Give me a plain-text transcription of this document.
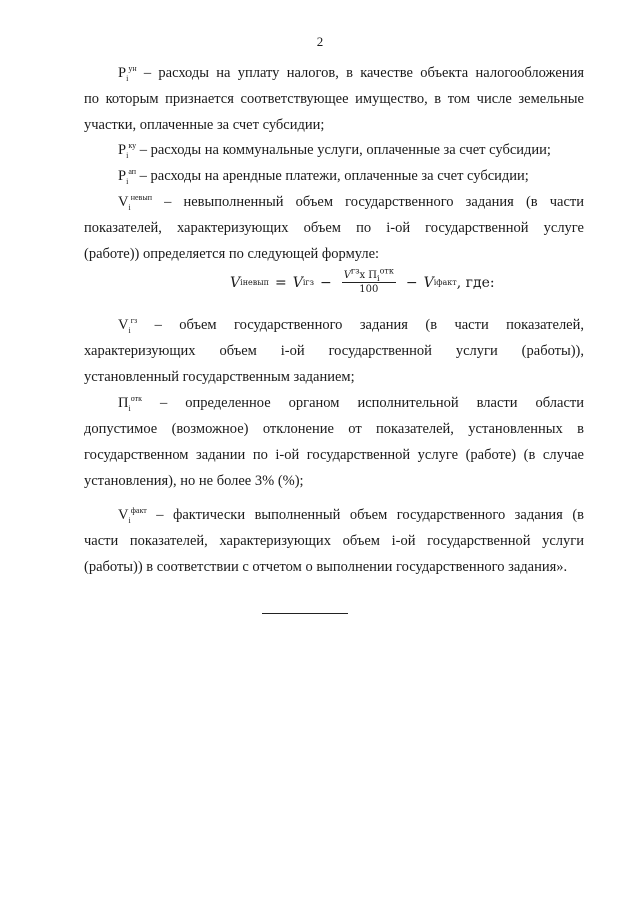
2
$P_i^{ун}$ – расходы на уплату налогов, в качестве объекта налогообложения
по которым признается соответствующее имущество, в том числе земельные
участки, оплаченные за счет субсидии;
$P_i^{ку}$ – расходы на коммунальные услуги, оплаченные за счет субсидии;
$P_i^{ап}$ – расходы на арендные платежи, оплаченные за счет субсидии;
$V_i^{невып}$ – невыполненный объем государственного задания (в части
показателей, характеризующих объем по i-ой государственной услуге
(работе)) определяется по следующей формуле:
V i невып = V i гз − $\frac{V^{гз}х П_i^{отк}}{100} - V$ i факт , где:
$V_i^{гз}$ – объем государственного задания (в части показателей,
характеризующих объем i-ой государственной услуги (работы)),
установленный государственным заданием;
$П_i^{отк}$ – определенное органом исполнительной власти области
допустимое (возможное) отклонение от показателей, установленных в
государственном задании по i-ой государственной услуге (работе) (в случае
установления), но не более 3% (%);
$V_i^{факт}$ – фактически выполненный объем государственного задания (в
части показателей, характеризующих объем i-ой государственной услуги
(работы)) в соответствии с отчетом о выполнении государственного задания».
